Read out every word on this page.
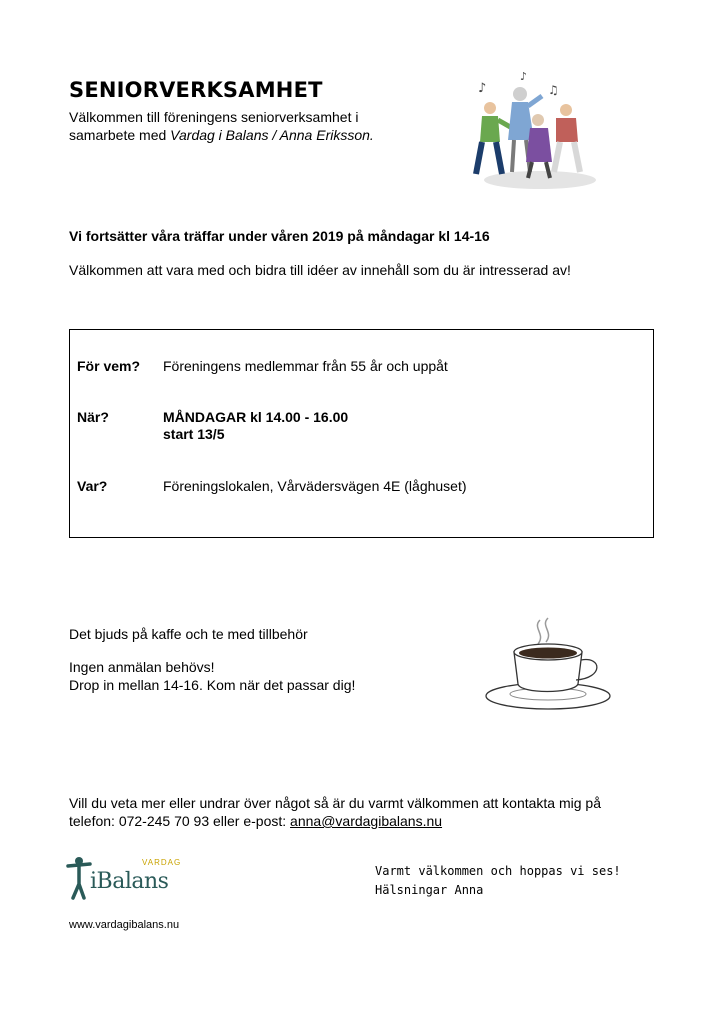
SENIORVERKSAMHET
Välkommen till föreningens seniorverksamhet i
samarbete med Vardag i Balans / Anna Eriksson.
♪
♪
♫
Vi fortsätter våra träffar under våren 2019 på måndagar kl 14-16
Välkommen att vara med och bidra till idéer av innehåll som du är intresserad av!
För vem?	Föreningens medlemmar från 55 år och uppåt
När?	MÅNDAGAR kl 14.00 - 16.00
start 13/5
Var?	Föreningslokalen, Vårvädersvägen 4E (låghuset)
Det bjuds på kaffe och te med tillbehör
Ingen anmälan behövs!
Drop in mellan 14-16. Kom när det passar dig!
Vill du veta mer eller undrar över något så är du varmt välkommen att kontakta mig på
telefon: 072-245 70 93 eller e-post: anna@vardagibalans.nu
VARDAG
iBalans	Varmt välkommen och hoppas vi ses!
Hälsningar Anna
www.vardagibalans.nu
